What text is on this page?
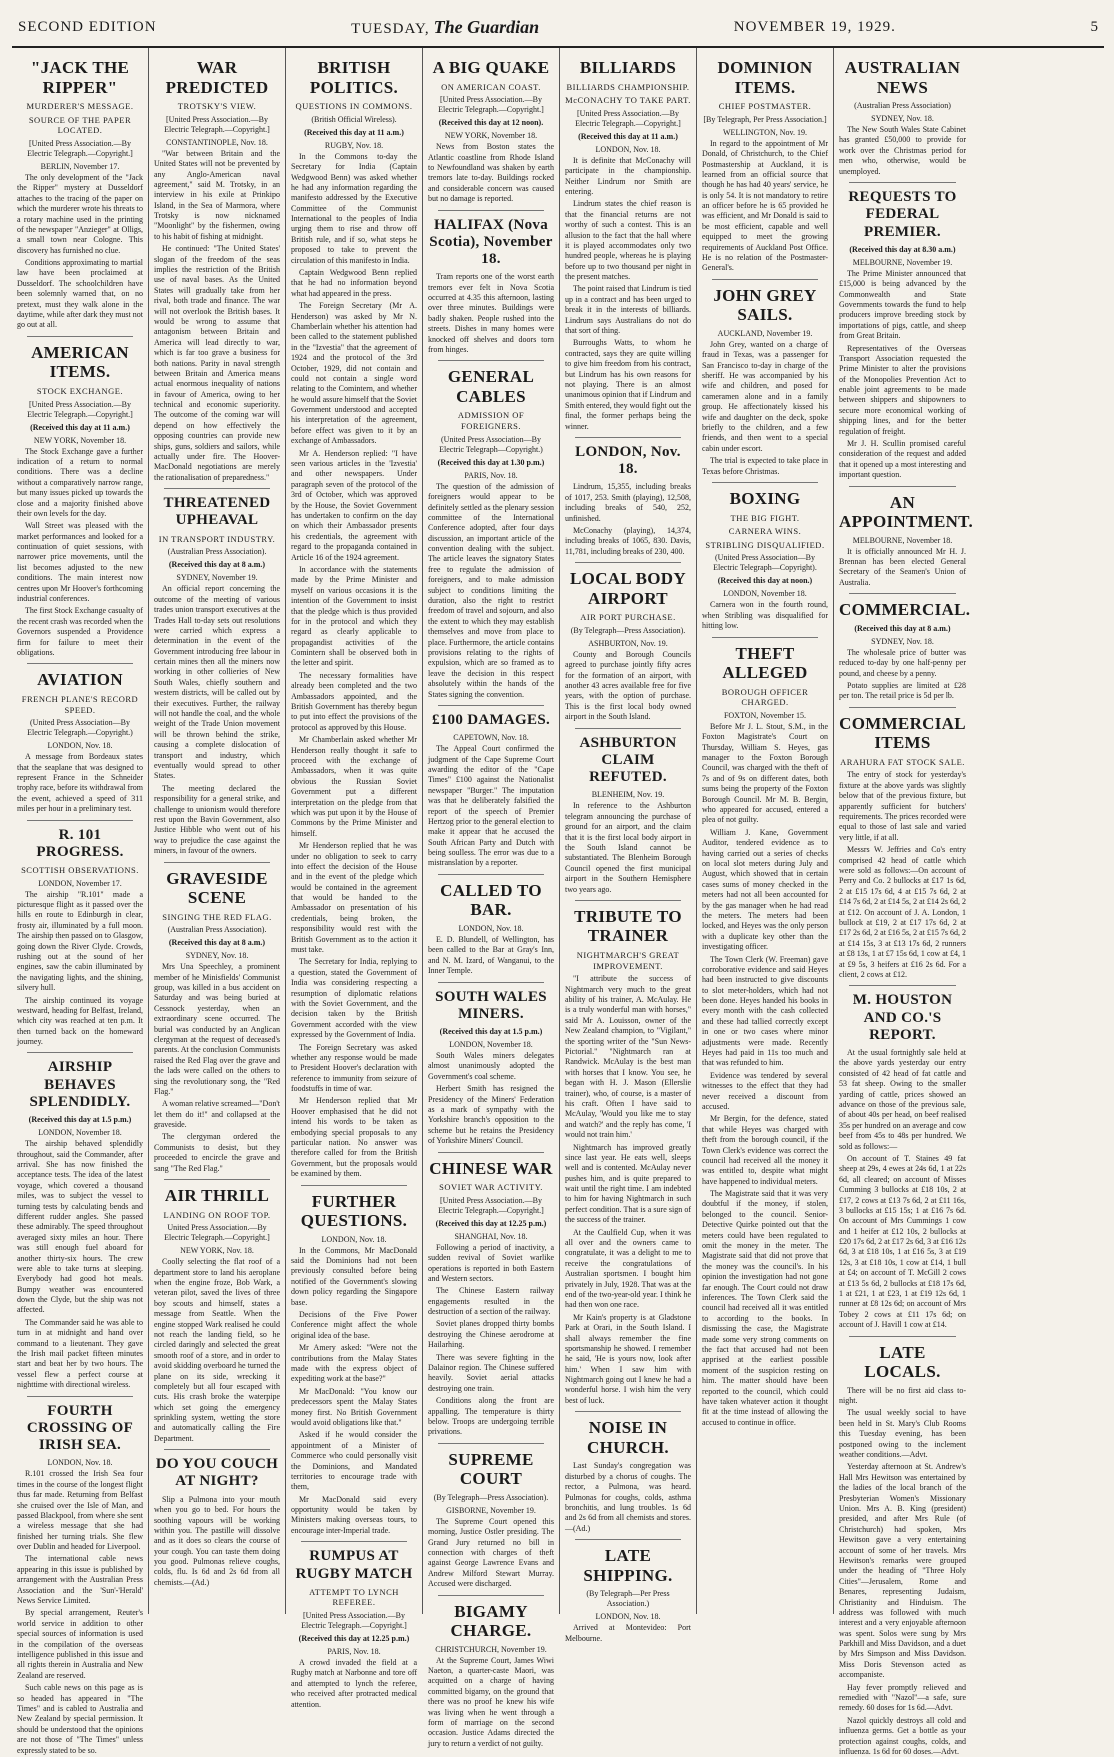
SECOND EDITION	TUESDAY, The Guardian	NOVEMBER 19, 1929.	5
"JACK THE RIPPER"
MURDERER'S MESSAGE.
SOURCE OF THE PAPER LOCATED.
[United Press Association.—By Electric Telegraph.—Copyright.]
BERLIN, November 17.

The only development of the "Jack the Ripper" mystery at Dusseldorf attaches to the tracing of the paper on which the murderer wrote his threats to a rotary machine used in the printing of the newspaper "Anzieger" at Olligs, a small town near Cologne. This discovery has furnished no clue.

Conditions approximating to martial law have been proclaimed at Dusseldorf. The schoolchildren have been solemnly warned that, on no pretext, must they walk alone in the daytime, while after dark they must not go out at all.

AMERICAN ITEMS.
STOCK EXCHANGE.
[United Press Association.—By Electric Telegraph.—Copyright.]
(Received this day at 11 a.m.)
NEW YORK, November 18.

The Stock Exchange gave a further indication of a return to normal conditions. There was a decline without a comparatively narrow range, but many issues picked up towards the close and a majority finished above their own levels for the day.

Wall Street was pleased with the market performances and looked for a continuation of quiet sessions, with narrower price movements, until the list becomes adjusted to the new conditions. The main interest now centres upon Mr Hoover's forthcoming industrial conferences.

The first Stock Exchange casualty of the recent crash was recorded when the Governors suspended a Providence firm for failure to meet their obligations.

AVIATION
FRENCH PLANE'S RECORD SPEED.
(United Press Association—By Electric Telegraph.—Copyright.)
LONDON, Nov. 18.

A message from Bordeaux states that the seaplane that was designed to represent France in the Schneider trophy race, before its withdrawal from the event, achieved a speed of 311 miles per hour in a preliminary test.

R. 101 PROGRESS.
SCOTTISH OBSERVATIONS.
LONDON, November 17.

The airship "R.101" made a picturesque flight as it passed over the hills en route to Edinburgh in clear, frosty air, illuminated by a full moon. The airship then passed on to Glasgow, going down the River Clyde. Crowds, rushing out at the sound of her engines, saw the cabin illuminated by the navigating lights, and the shining, silvery hull.

The airship continued its voyage westward, heading for Belfast, Ireland, which city was reached at ten p.m. It then turned back on the homeward journey.

AIRSHIP BEHAVES SPLENDIDLY.
(Received this day at 1.5 p.m.)
LONDON, November 18.

The airship behaved splendidly throughout, said the Commander, after arrival. She has now finished the acceptance tests. The idea of the latest voyage, which covered a thousand miles, was to subject the vessel to turning tests by calculating bends and different rudder angles. She passed these admirably. The speed throughout averaged sixty miles an hour. There was still enough fuel aboard for another thirty-six hours. The crew were able to take turns at sleeping. Everybody had good hot meals. Bumpy weather was encountered down the Clyde, but the ship was not affected.

The Commander said he was able to turn in at midnight and hand over command to a lieutenant. They gave the Irish mail packet fifteen minutes start and beat her by two hours. The vessel flew a perfect course at nighttime with directional wireless.

FOURTH CROSSING OF IRISH SEA.
LONDON, Nov. 18.

R.101 crossed the Irish Sea four times in the course of the longest flight thus far made. Returning from Belfast she cruised over the Isle of Man, and passed Blackpool, from where she sent a wireless message that she had finished her turning trials. She flew over Dublin and headed for Liverpool.

The international cable news appearing in this issue is published by arrangement with the Australian Press Association and the 'Sun'-'Herald' News Service Limited.

By special arrangement, Reuter's world service in addition to other special sources of information is used in the compilation of the overseas intelligence published in this issue and all rights therein in Australia and New Zealand are reserved.

Such cable news on this page as is so headed has appeared in "The Times" and is cabled to Australia and New Zealand by special permission. It should be understood that the opinions are not those of "The Times" unless expressly stated to be so.

WAR PREDICTED
TROTSKY'S VIEW.
[United Press Association.—By Electric Telegraph.—Copyright.]
CONSTANTINOPLE, Nov. 18.

"War between Britain and the United States will not be prevented by any Anglo-American naval agreement," said M. Trotsky, in an interview in his exile at Prinkipo Island, in the Sea of Marmora, where Trotsky is now nicknamed "Moonlight" by the fishermen, owing to his habit of fishing at midnight.

He continued: "The United States' slogan of the freedom of the seas implies the restriction of the British use of naval bases. As the United States will gradually take from her rival, both trade and finance. The war will not overlook the British bases. It would be wrong to assume that antagonism between Britain and America will lead directly to war, which is far too grave a business for both nations. Parity in naval strength between Britain and America means actual enormous inequality of nations in favour of America, owing to her technical and economic superiority. The outcome of the coming war will depend on how effectively the opposing countries can provide new ships, guns, soldiers and sailors, while actually under fire. The Hoover-MacDonald negotiations are merely the rationalisation of preparedness."

THREATENED UPHEAVAL
IN TRANSPORT INDUSTRY.
(Australian Press Association).
(Received this day at 8 a.m.)
SYDNEY, November 19.

An official report concerning the outcome of the meeting of various trades union transport executives at the Trades Hall to-day sets out resolutions were carried which express a determination in the event of the Government introducing free labour in certain mines then all the miners now working in other collieries of New South Wales, chiefly southern and western districts, will be called out by their executives. Further, the railway will not handle the coal, and the whole weight of the Trade Union movement will be thrown behind the strike, causing a complete dislocation of transport and industry, which eventually would spread to other States.

The meeting declared the responsibility for a general strike, and challenge to unionism would therefore rest upon the Bavin Government, also Justice Hibble who went out of his way to prejudice the case against the miners, in favour of the owners.

GRAVESIDE SCENE
SINGING THE RED FLAG.
(Australian Press Association).
(Received this day at 8 a.m.)
SYDNEY, Nov. 18.

Mrs Una Speechley, a prominent member of he Minisfields' Communist group, was killed in a bus accident on Saturday and was being buried at Cessnock yesterday, when an extraordinary scene occurred. The burial was conducted by an Anglican clergyman at the request of deceased's parents. At the conclusion Communists raised the Red Flag over the grave and the lads were called on the others to sing the revolutionary song, the "Red Flag."

A woman relative screamed—"Don't let them do it!" and collapsed at the graveside.

The clergyman ordered the Communists to desist, but they proceeded to encircle the grave and sang "The Red Flag."

AIR THRILL
LANDING ON ROOF TOP.
United Press Association.—By Electric Telegraph.—Copyright.]
NEW YORK, Nov. 18.

Coolly selecting the flat roof of a department store to land his aeroplane when the engine froze, Bob Wark, a veteran pilot, saved the lives of three boy scouts and himself, states a message from Seattle. When the engine stopped Wark realised he could not reach the landing field, so he circled daringly and selected the great smooth roof of a store, and in order to avoid skidding overboard he turned the plane on its side, wrecking it completely but all four escaped with cuts. His crash broke the waterpipe which set going the emergency sprinkling system, wetting the store and automatically calling the Fire Department.

DO YOU COUCH AT NIGHT?

Slip a Pulmona into your mouth when you go to bed. For hours the soothing vapours will be working within you. The pastille will dissolve and as it does so clears the course of your cough. You can taste them doing you good. Pulmonas relieve coughs, colds, flu. Is 6d and 2s 6d from all chemists.—(Ad.)

BRITISH POLITICS.
QUESTIONS IN COMMONS.
(British Official Wireless).
(Received this day at 11 a.m.)
RUGBY, Nov. 18.

In the Commons to-day the Secretary for India (Captain Wedgwood Benn) was asked whether he had any information regarding the manifesto addressed by the Executive Committee of the Communist International to the peoples of India urging them to rise and throw off British rule, and if so, what steps he proposed to take to prevent the circulation of this manifesto in India.

Captain Wedgwood Benn replied that he had no information beyond what had appeared in the press.

The Foreign Secretary (Mr A. Henderson) was asked by Mr N. Chamberlain whether his attention had been called to the statement published in the "Izvestia" that the agreement of 1924 and the protocol of the 3rd October, 1929, did not contain and could not contain a single word relating to the Comintern, and whether he would assure himself that the Soviet Government understood and accepted his interpretation of the agreement, before effect was given to it by an exchange of Ambassadors.

Mr A. Henderson replied: "I have seen various articles in the 'Izvestia' and other newspapers. Under paragraph seven of the protocol of the 3rd of October, which was approved by the House, the Soviet Government has undertaken to confirm on the day on which their Ambassador presents his credentials, the agreement with regard to the propaganda contained in Article 16 of the 1924 agreement.

In accordance with the statements made by the Prime Minister and myself on various occasions it is the intention of the Government to insist that the pledge which is thus provided for in the protocol and which they regard as clearly applicable to propagandist activities of the Comintern shall be observed both in the letter and spirit.

The necessary formalities have already been completed and the two Ambassadors appointed, and the British Government has thereby begun to put into effect the provisions of the protocol as approved by this House.

Mr Chamberlain asked whether Mr Henderson really thought it safe to proceed with the exchange of Ambassadors, when it was quite obvious the Russian Soviet Government put a different interpretation on the pledge from that which was put upon it by the House of Commons by the Prime Minister and himself.

Mr Henderson replied that he was under no obligation to seek to carry into effect the decision of the House and in the event of the pledge which would be contained in the agreement that would be handed to the Ambassador on presentation of his credentials, being broken, the responsibility would rest with the British Government as to the action it must take.

The Secretary for India, replying to a question, stated the Government of India was considering respecting a resumption of diplomatic relations with the Soviet Government, and the decision taken by the British Government accorded with the view expressed by the Government of India.

The Foreign Secretary was asked whether any response would be made to President Hoover's declaration with reference to immunity from seizure of foodstuffs in time of war.

Mr Henderson replied that Mr Hoover emphasised that he did not intend his words to be taken as embodying special proposals to any particular nation. No answer was therefore called for from the British Government, but the proposals would be examined by them.

FURTHER QUESTIONS.
LONDON, Nov. 18.

In the Commons, Mr MacDonald said the Dominions had not been previously consulted before being notified of the Government's slowing down policy regarding the Singapore base.

Decisions of the Five Power Conference might affect the whole original idea of the base.

Mr Amery asked: "Were not the contributions from the Malay States made with the express object of expediting work at the base?"

Mr MacDonald: "You know our predecessors spent the Malay States money first. No British Government would avoid obligations like that."

Asked if he would consider the appointment of a Minister of Commerce who could personally visit the Dominions, and Mandated territories to encourage trade with them,

Mr MacDonald said every opportunity would be taken by Ministers making overseas tours, to encourage inter-Imperial trade.

RUMPUS AT RUGBY MATCH
ATTEMPT TO LYNCH REFEREE.
[United Press Association.—By Electric Telegraph.—Copyright.]
(Received this day at 12.25 p.m.)
PARIS, Nov. 18.

A crowd invaded the field at a Rugby match at Narbonne and tore off and attempted to lynch the referee, who received after protracted medical attention.

A BIG QUAKE
ON AMERICAN COAST.
[United Press Association.—By Electric Telegraph.—Copyright.]
(Received this day at 12 noon).
NEW YORK, November 18.

News from Boston states the Atlantic coastline from Rhode Island to Newfoundland was shaken by earth tremors late to-day. Buildings rocked and considerable concern was caused but no damage is reported.

HALIFAX (Nova Scotia), November 18.

Tram reports one of the worst earth tremors ever felt in Nova Scotia occurred at 4.35 this afternoon, lasting over three minutes. Buildings were badly shaken. People rushed into the streets. Dishes in many homes were knocked off shelves and doors torn from hinges.

GENERAL CABLES
ADMISSION OF FOREIGNERS.
(United Press Association—By Electric Telegraph—Copyright.)
(Received this day at 1.30 p.m.)
PARIS, Nov. 18.

The question of the admission of foreigners would appear to be definitely settled as the plenary session committee of the International Conference adopted, after four days discussion, an important article of the convention dealing with the subject. The article leaves the signatory States free to regulate the admission of foreigners, and to make admission subject to conditions limiting the duration, also the right to restrict freedom of travel and sojourn, and also the extent to which they may establish themselves and move from place to place. Furthermore, the article contains provisions relating to the rights of expulsion, which are so framed as to leave the decision in this respect absolutely within the hands of the States signing the convention.

£100 DAMAGES.
CAPETOWN, Nov. 18.

The Appeal Court confirmed the judgment of the Cape Supreme Court awarding the editor of the "Cape Times" £100 against the Nationalist newspaper "Burger." The imputation was that he deliberately falsified the report of the speech of Premier Hertzog prior to the general election to make it appear that he accused the South African Party and Dutch with being soulless. The error was due to a mistranslation by a reporter.

CALLED TO BAR.
LONDON, Nov. 18.

E. D. Blundell, of Wellington, has been called to the Bar at Gray's Inn, and N. M. Izard, of Wanganui, to the Inner Temple.

SOUTH WALES MINERS.
(Received this day at 1.5 p.m.)
LONDON, November 18.

South Wales miners delegates almost unanimously adopted the Government's coal scheme.

Herbert Smith has resigned the Presidency of the Miners' Federation as a mark of sympathy with the Yorkshire branch's opposition to the scheme but he retains the Presidency of Yorkshire Miners' Council.

CHINESE WAR
SOVIET WAR ACTIVITY.
[United Press Association.—By Electric Telegraph.—Copyright.]
(Received this day at 12.25 p.m.)
SHANGHAI, Nov. 18.

Following a period of inactivity, a sudden revival of Soviet warlike operations is reported in both Eastern and Western sectors.

The Chinese Eastern railway engagements resulted in the destruction of a section of the railway.

Soviet planes dropped thirty bombs destroying the Chinese aerodrome at Hailarhing.

There was severe fighting in the Dalainor region. The Chinese suffered heavily. Soviet aerial attacks destroying one train.

Conditions along the front are appalling. The temperature is thirty below. Troops are undergoing terrible privations.

SUPREME COURT
(By Telegraph—Press Association).
GISBORNE, November 19.

The Supreme Court opened this morning, Justice Ostler presiding. The Grand Jury returned no bill in connection with charges of theft against George Lawrence Evans and Andrew Milford Stewart Murray. Accused were discharged.

BIGAMY CHARGE.
CHRISTCHURCH, November 19.

At the Supreme Court, James Wiwi Naeton, a quarter-caste Maori, was acquitted on a charge of having committed bigamy, on the ground that there was no proof he knew his wife was living when he went through a form of marriage on the second occasion. Justice Adams directed the jury to return a verdict of not guilty.

BILLIARDS
BILLIARDS CHAMPIONSHIP.
McCONACHY TO TAKE PART.
[United Press Association.—By Electric Telegraph.—Copyright.]
(Received this day at 11 a.m.)
LONDON, Nov. 18.

It is definite that McConachy will participate in the championship. Neither Lindrum nor Smith are entering.

Lindrum states the chief reason is that the financial returns are not worthy of such a contest. This is an allusion to the fact that the hall where it is played accommodates only two hundred people, whereas he is playing before up to two thousand per night in the present matches.

The point raised that Lindrum is tied up in a contract and has been urged to break it in the interests of billiards. Lindrum says Australians do not do that sort of thing.

Burroughs Watts, to whom he contracted, says they are quite willing to give him freedom from his contract, but Lindrum has his own reasons for not playing. There is an almost unanimous opinion that if Lindrum and Smith entered, they would fight out the final, the former perhaps being the winner.

LONDON, Nov. 18.

Lindrum, 15,355, including breaks of 1017, 253. Smith (playing), 12,508, including breaks of 540, 252, unfinished.

McConachy (playing), 14,374, including breaks of 1065, 830. Davis, 11,781, including breaks of 230, 400.

LOCAL BODY AIRPORT
AIR PORT PURCHASE.
(By Telegraph—Press Association).
ASHBURTON, Nov. 19.

County and Borough Councils agreed to purchase jointly fifty acres for the formation of an airport, with another 43 acres available free for five years, with the option of purchase. This is the first local body owned airport in the South Island.

ASHBURTON CLAIM REFUTED.
BLENHEIM, Nov. 19.

In reference to the Ashburton telegram announcing the purchase of ground for an airport, and the claim that it is the first local body airport in the South Island cannot be substantiated. The Blenheim Borough Council opened the first municipal airport in the Southern Hemisphere two years ago.

TRIBUTE TO TRAINER
NIGHTMARCH'S GREAT IMPROVEMENT.

"I attribute the success of Nightmarch very much to the great ability of his trainer, A. McAulay. He is a truly wonderful man with horses," said Mr A. Louisson, owner of the New Zealand champion, to "Vigilant," the sporting writer of the "Sun News-Pictorial." "Nightmarch ran at Randwick. McAulay is the best man with horses that I know. You see, he began with H. J. Mason (Ellerslie trainer), who, of course, is a master of his craft. Often I have said to McAulay, 'Would you like me to stay and watch?' and the reply has come, 'I would not train him.'

Nightmarch has improved greatly since last year. He eats well, sleeps well and is contented. McAulay never pushes him, and is quite prepared to wait until the right time. I am indebted to him for having Nightmarch in such perfect condition. That is a sure sign of the success of the trainer.

At the Caulfield Cup, when it was all over and the owners came to congratulate, it was a delight to me to receive the congratulations of Australian sportsmen. I bought him privately in July, 1928. That was at the end of the two-year-old year. I think he had then won one race.

Mr Kain's property is at Gladstone Park at Orari, in the South Island. I shall always remember the fine sportsmanship he showed. I remember he said, 'He is yours now, look after him.' When I saw him with Nightmarch going out I knew he had a wonderful horse. I wish him the very best of luck.

NOISE IN CHURCH.

Last Sunday's congregation was disturbed by a chorus of coughs. The rector, a Pulmona, was heard. Pulmonas for coughs, colds, asthma bronchitis, and lung troubles. 1s 6d and 2s 6d from all chemists and stores.—(Ad.)

LATE SHIPPING.
(By Telegraph—Per Press Association.)
LONDON, Nov. 18.

Arrived at Montevideo: Port Melbourne.

DOMINION ITEMS.
CHIEF POSTMASTER.
[By Telegraph, Per Press Association.]
WELLINGTON, Nov. 19.

In regard to the appointment of Mr Donald, of Christchurch, to the Chief Postmastership at Auckland, it is learned from an official source that though he has had 40 years' service, he is only 54. It is not mandatory to retire an officer before he is 65 provided he was efficient, and Mr Donald is said to be most efficient, capable and well equipped to meet the growing requirements of Auckland Post Office. He is no relation of the Postmaster-General's.

JOHN GREY SAILS.
AUCKLAND, November 19.

John Grey, wanted on a charge of fraud in Texas, was a passenger for San Francisco to-day in charge of the sheriff. He was accompanied by his wife and children, and posed for cameramen alone and in a family group. He affectionately kissed his wife and daughter on the deck, spoke briefly to the children, and a few friends, and then went to a special cabin under escort.

The trial is expected to take place in Texas before Christmas.

BOXING
THE BIG FIGHT.
CARNERA WINS.
STRIBLING DISQUALIFIED.
(United Press Association—By Electric Telegraph—Copyright).
(Received this day at noon.)
LONDON, November 18.

Carnera won in the fourth round, when Stribling was disqualified for hitting low.

THEFT ALLEGED
BOROUGH OFFICER CHARGED.
FOXTON, November 15.

Before Mr J. L. Stout, S.M., in the Foxton Magistrate's Court on Thursday, William S. Heyes, gas manager to the Foxton Borough Council, was charged with the theft of 7s and of 9s on different dates, both sums being the property of the Foxton Borough Council. Mr M. B. Bergin, who appeared for accused, entered a plea of not guilty.

William J. Kane, Government Auditor, tendered evidence as to having carried out a series of checks on local slot meters during July and August, which showed that in certain cases sums of money checked in the meters had not all been accounted for by the gas manager when he had read the meters. The meters had been locked, and Heyes was the only person with a duplicate key other than the investigating officer.

The Town Clerk (W. Freeman) gave corroborative evidence and said Heyes had been instructed to give discounts to slot meter-holders, which had not been done. Heyes handed his books in every month with the cash collected and these had tallied correctly except in one or two cases where minor adjustments were made. Recently Heyes had paid in 11s too much and that was refunded to him.

Evidence was tendered by several witnesses to the effect that they had never received a discount from accused.

Mr Bergin, for the defence, stated that while Heyes was charged with theft from the borough council, if the Town Clerk's evidence was correct the council had received all the money it was entitled to, despite what might have happened to individual meters.

The Magistrate said that it was very doubtful if the money, if stolen, belonged to the council. Senior-Detective Quirke pointed out that the meters could have been regulated to omit the money in the meter. The Magistrate said that did not prove that the money was the council's. In his opinion the investigation had not gone far enough. The Court could not draw inferences. The Town Clerk said the council had received all it was entitled to according to the books. In dismissing the case, the Magistrate made some very strong comments on the fact that accused had not been apprised at the earliest possible moment of the suspicion resting on him. The matter should have been reported to the council, which could have taken whatever action it thought fit at the time instead of allowing the accused to continue in office.

AUSTRALIAN NEWS
(Australian Press Association)
SYDNEY, Nov. 18.

The New South Wales State Cabinet has granted £50,000 to provide for work over the Christmas period for men who, otherwise, would be unemployed.

REQUESTS TO FEDERAL PREMIER.
(Received this day at 8.30 a.m.)
MELBOURNE, November 19.

The Prime Minister announced that £15,000 is being advanced by the Commonwealth and State Governments towards the fund to help producers improve breeding stock by importations of pigs, cattle, and sheep from Great Britain.

Representatives of the Overseas Transport Association requested the Prime Minister to alter the provisions of the Monopolies Prevention Act to enable joint agreements to be made between shippers and shipowners to secure more economical working of shipping lines, and for the better regulation of freight.

Mr J. H. Scullin promised careful consideration of the request and added that it opened up a most interesting and important question.

AN APPOINTMENT.
MELBOURNE, November 18.

It is officially announced Mr H. J. Brennan has been elected General Secretary of the Seamen's Union of Australia.

COMMERCIAL.
(Received this day at 8 a.m.)
SYDNEY, Nov. 18.

The wholesale price of butter was reduced to-day by one half-penny per pound, and cheese by a penny.

Potato supplies are limited at £28 per ton. The retail price is 5d per lb.

COMMERCIAL ITEMS
ARAHURA FAT STOCK SALE.

The entry of stock for yesterday's fixture at the above yards was slightly below that of the previous fixture, but apparently sufficient for butchers' requirements. The prices recorded were equal to those of last sale and varied very little, if at all.

Messrs W. Jeffries and Co's entry comprised 42 head of cattle which were sold as follows:—On account of Perry and Co. 2 bullocks at £17 1s 6d, 2 at £15 17s 6d, 4 at £15 7s 6d, 2 at £14 7s 6d, 2 at £14 5s, 2 at £14 2s 6d, 2 at £12. On account of J. A. London, 1 bullock at £19, 2 at £17 17s 6d, 2 at £17 2s 6d, 2 at £16 5s, 2 at £15 7s 6d, 2 at £14 15s, 3 at £13 17s 6d, 2 runners at £8 13s, 1 at £7 15s 6d, 1 cow at £4, 1 at £9 5s, 3 heifers at £16 2s 6d. For a client, 2 cows at £12.

M. HOUSTON AND CO.'S REPORT.

At the usual fortnightly sale held at the above yards yesterday our entry consisted of 42 head of fat cattle and 53 fat sheep. Owing to the smaller yarding of cattle, prices showed an advance on those of the previous sale, of about 40s per head, on beef realised 35s per hundred on an average and cow beef from 45s to 48s per hundred. We sold as follows:—

On account of T. Staines 49 fat sheep at 29s, 4 ewes at 24s 6d, 1 at 22s 6d, all cleared; on account of Misses Cumming 3 bullocks at £18 10s, 2 at £17, 2 cows at £13 7s 6d, 2 at £11 16s, 3 bullocks at £15 15s; 1 at £16 7s 6d. On account of Mrs Cummings 1 cow and 1 heifer at £12 10s, 2 bullocks at £20 17s 6d, 2 at £17 2s 6d, 3 at £16 12s 6d, 3 at £18 10s, 1 at £16 5s, 3 at £19 12s, 3 at £18 10s, 1 cow at £14, 1 bull at £4; on account of T. McGill 2 cows at £13 5s 6d, 2 bullocks at £18 17s 6d, 1 at £21, 1 at £23, 1 at £19 12s 6d, 1 runner at £8 12s 6d; on account of Mrs Tobey 2 cows at £11 17s 6d; on account of J. Havill 1 cow at £14.

LATE LOCALS.

There will be no first aid class to-night.

The usual weekly social to have been held in St. Mary's Club Rooms this Tuesday evening, has been postponed owing to the inclement weather conditions.—Advt.

Yesterday afternoon at St. Andrew's Hall Mrs Hewitson was entertained by the ladies of the local branch of the Presbyterian Women's Missionary Union. Mrs A. B. King (president) presided, and after Mrs Rule (of Christchurch) had spoken, Mrs Hewitson gave a very entertaining account of some of her travels. Mrs Hewitson's remarks were grouped under the heading of "Three Holy Cities"—Jerusalem, Rome and Benares, representing Judaism, Christianity and Hinduism. The address was followed with much interest and a very enjoyable afternoon was spent. Solos were sung by Mrs Parkhill and Miss Davidson, and a duet by Mrs Simpson and Miss Davidson. Miss Doris Stevenson acted as accompaniste.

Hay fever promptly relieved and remedied with "Nazol"—a safe, sure remedy. 60 doses for 1s 6d.—Advt.

Nazol quickly destroys all cold and influenza germs. Get a bottle as your protection against coughs, colds, and influenza. 1s 6d for 60 doses.—Advt.
